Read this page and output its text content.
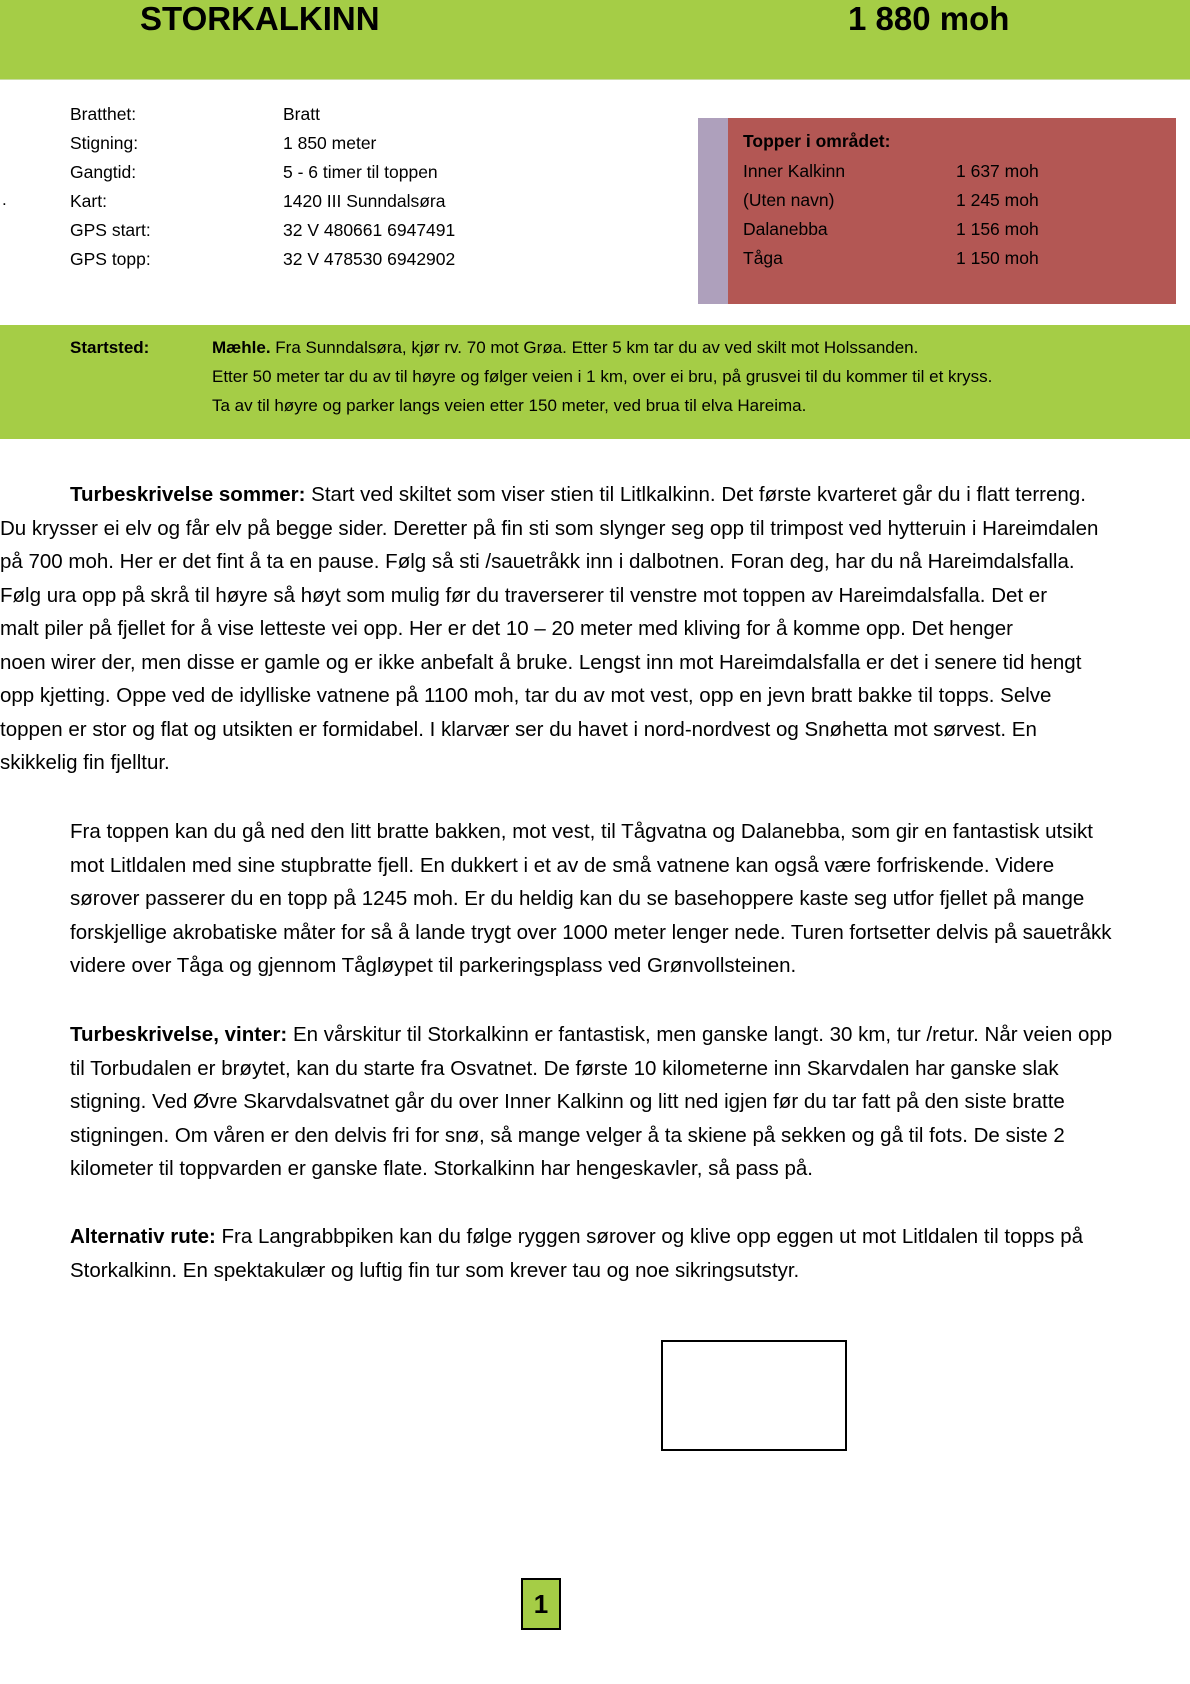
STORKALKINN	1 880 moh
.
Bratthet:	Bratt
Stigning:	1 850 meter
Gangtid:	5 - 6 timer til toppen
Kart:	1420 III Sunndalsøra
GPS start:	32 V 480661 6947491
GPS topp:	32 V 478530 6942902
Topper i området:
Inner Kalkinn	1 637 moh
(Uten navn)	1 245 moh
Dalanebba	1 156 moh
Tåga	1 150 moh
Startsted:	Mæhle. Fra Sunndalsøra, kjør rv. 70 mot Grøa. Etter 5 km tar du av ved skilt mot Holssanden.
Etter 50 meter tar du av til høyre og følger veien i 1 km, over ei bru, på grusvei til du kommer til et kryss.
Ta av til høyre og parker langs veien etter 150 meter, ved brua til elva Hareima.
Turbeskrivelse sommer: Start ved skiltet som viser stien til Litlkalkinn. Det første kvarteret går du i flatt terreng.
Du krysser ei elv og får elv på begge sider. Deretter på fin sti som slynger seg opp til trimpost ved hytteruin i Hareimdalen
på 700 moh. Her er det fint å ta en pause. Følg så sti /sauetråkk inn i dalbotnen. Foran deg, har du nå Hareimdalsfalla.
Følg ura opp på skrå til høyre så høyt som mulig før du traverserer til venstre mot toppen av Hareimdalsfalla. Det er
malt piler på fjellet for å vise letteste vei opp. Her er det 10 – 20 meter med kliving for å komme opp. Det henger
noen wirer der, men disse er gamle og er ikke anbefalt å bruke. Lengst inn mot Hareimdalsfalla er det i senere tid hengt
opp kjetting. Oppe ved de idylliske vatnene på 1100 moh, tar du av mot vest, opp en jevn bratt bakke til topps. Selve
toppen er stor og flat og utsikten er formidabel. I klarvær ser du havet i nord-nordvest og Snøhetta mot sørvest. En
skikkelig fin fjelltur.
Fra toppen kan du gå ned den litt bratte bakken, mot vest, til Tågvatna og Dalanebba, som gir en fantastisk utsikt
mot Litldalen med sine stupbratte fjell. En dukkert i et av de små vatnene kan også være forfriskende. Videre
sørover passerer du en topp på 1245 moh. Er du heldig kan du se basehoppere kaste seg utfor fjellet på mange
forskjellige akrobatiske måter for så å lande trygt over 1000 meter lenger nede. Turen fortsetter delvis på sauetråkk
videre over Tåga og gjennom Tågløypet til parkeringsplass ved Grønvollsteinen.
Turbeskrivelse, vinter: En vårskitur til Storkalkinn er fantastisk, men ganske langt. 30 km, tur /retur. Når veien opp
til Torbudalen er brøytet, kan du starte fra Osvatnet. De første 10 kilometerne inn Skarvdalen har ganske slak
stigning. Ved Øvre Skarvdalsvatnet går du over Inner Kalkinn og litt ned igjen før du tar fatt på den siste bratte
stigningen. Om våren er den delvis fri for snø, så mange velger å ta skiene på sekken og gå til fots. De siste 2
kilometer til toppvarden er ganske flate. Storkalkinn har hengeskavler, så pass på.
Alternativ rute: Fra Langrabbpiken kan du følge ryggen sørover og klive opp eggen ut mot Litldalen til topps på
Storkalkinn. En spektakulær og luftig fin tur som krever tau og noe sikringsutstyr.
1
